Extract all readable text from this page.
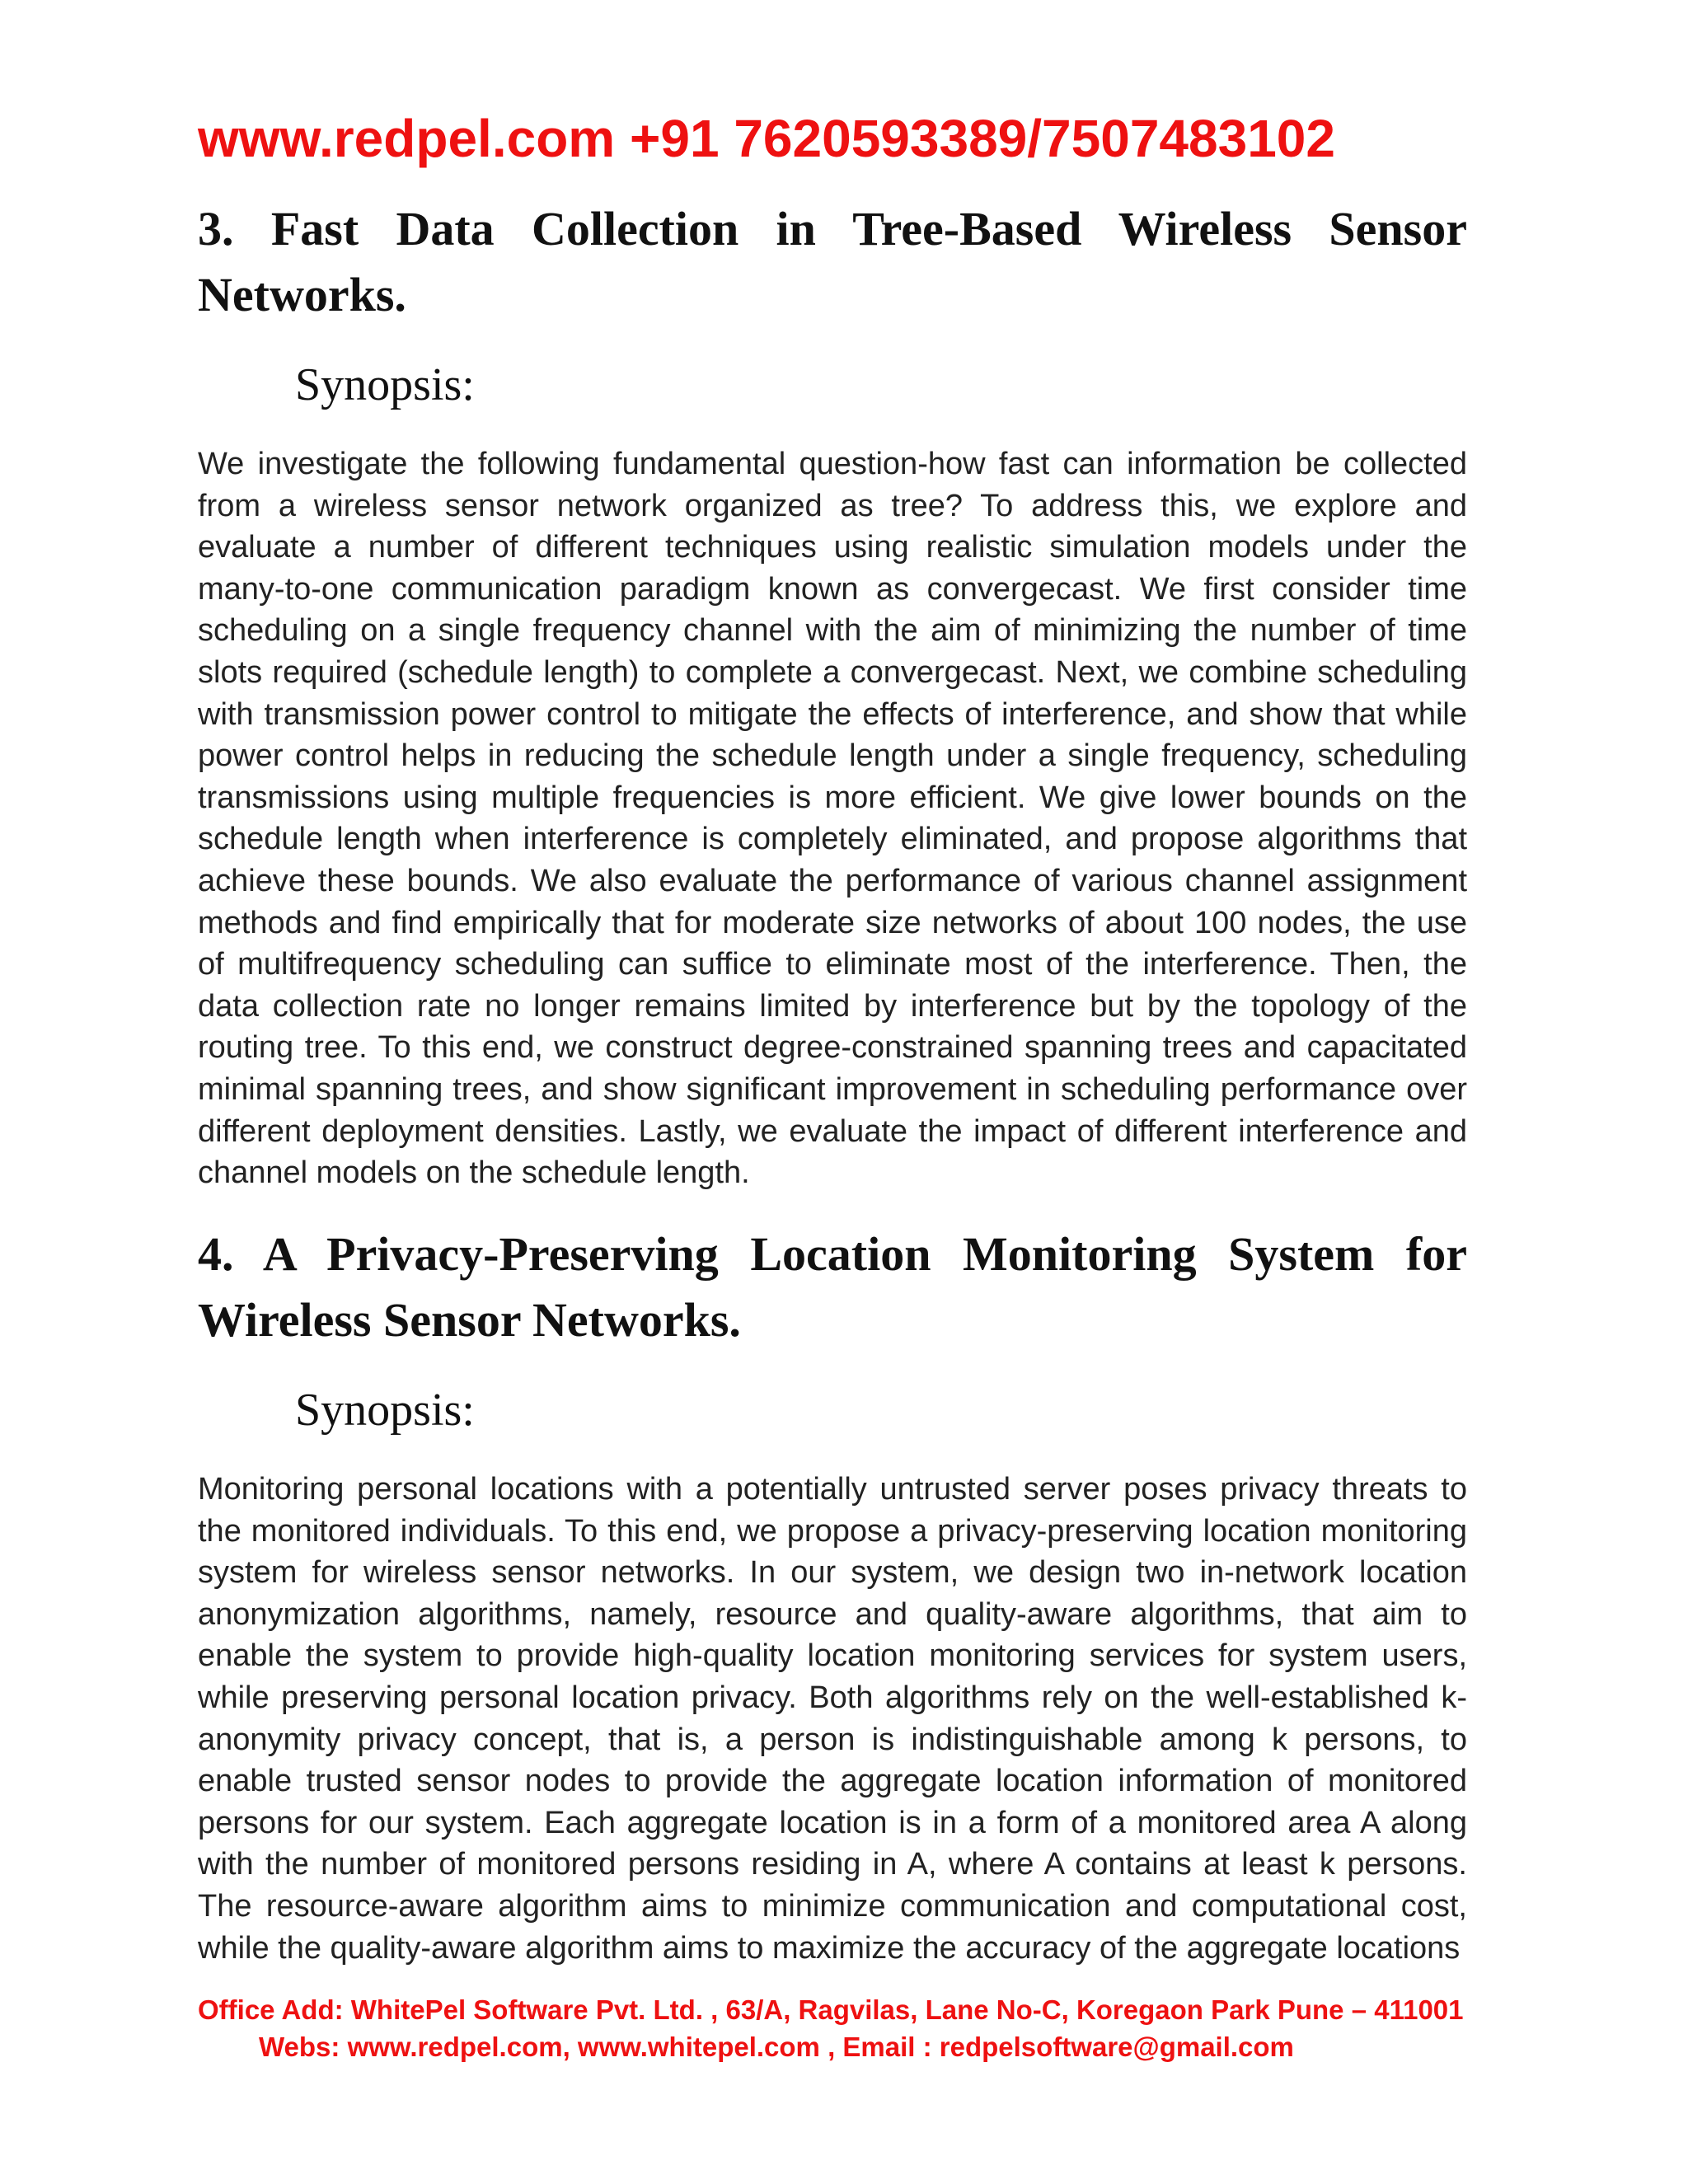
www.redpel.com +91 7620593389/7507483102
3. Fast Data Collection in Tree-Based Wireless Sensor Networks.

Synopsis:

We investigate the following fundamental question-how fast can information be collected from a wireless sensor network organized as tree? To address this, we explore and evaluate a number of different techniques using realistic simulation models under the many-to-one communication paradigm known as convergecast. We first consider time scheduling on a single frequency channel with the aim of minimizing the number of time slots required (schedule length) to complete a convergecast. Next, we combine scheduling with transmission power control to mitigate the effects of interference, and show that while power control helps in reducing the schedule length under a single frequency, scheduling transmissions using multiple frequencies is more efficient. We give lower bounds on the schedule length when interference is completely eliminated, and propose algorithms that achieve these bounds. We also evaluate the performance of various channel assignment methods and find empirically that for moderate size networks of about 100 nodes, the use of multifrequency scheduling can suffice to eliminate most of the interference. Then, the data collection rate no longer remains limited by interference but by the topology of the routing tree. To this end, we construct degree-constrained spanning trees and capacitated minimal spanning trees, and show significant improvement in scheduling performance over different deployment densities. Lastly, we evaluate the impact of different interference and channel models on the schedule length.

4. A Privacy-Preserving Location Monitoring System for Wireless Sensor Networks.

Synopsis:

Monitoring personal locations with a potentially untrusted server poses privacy threats to the monitored individuals. To this end, we propose a privacy-preserving location monitoring system for wireless sensor networks. In our system, we design two in-network location anonymization algorithms, namely, resource and quality-aware algorithms, that aim to enable the system to provide high-quality location monitoring services for system users, while preserving personal location privacy. Both algorithms rely on the well-established k-anonymity privacy concept, that is, a person is indistinguishable among k persons, to enable trusted sensor nodes to provide the aggregate location information of monitored persons for our system. Each aggregate location is in a form of a monitored area A along with the number of monitored persons residing in A, where A contains at least k persons. The resource-aware algorithm aims to minimize communication and computational cost, while the quality-aware algorithm aims to maximize the accuracy of the aggregate locations

Office Add: WhitePel Software Pvt. Ltd. , 63/A, Ragvilas, Lane No-C, Koregaon Park Pune – 411001
Webs: www.redpel.com, www.whitepel.com , Email : redpelsoftware@gmail.com
